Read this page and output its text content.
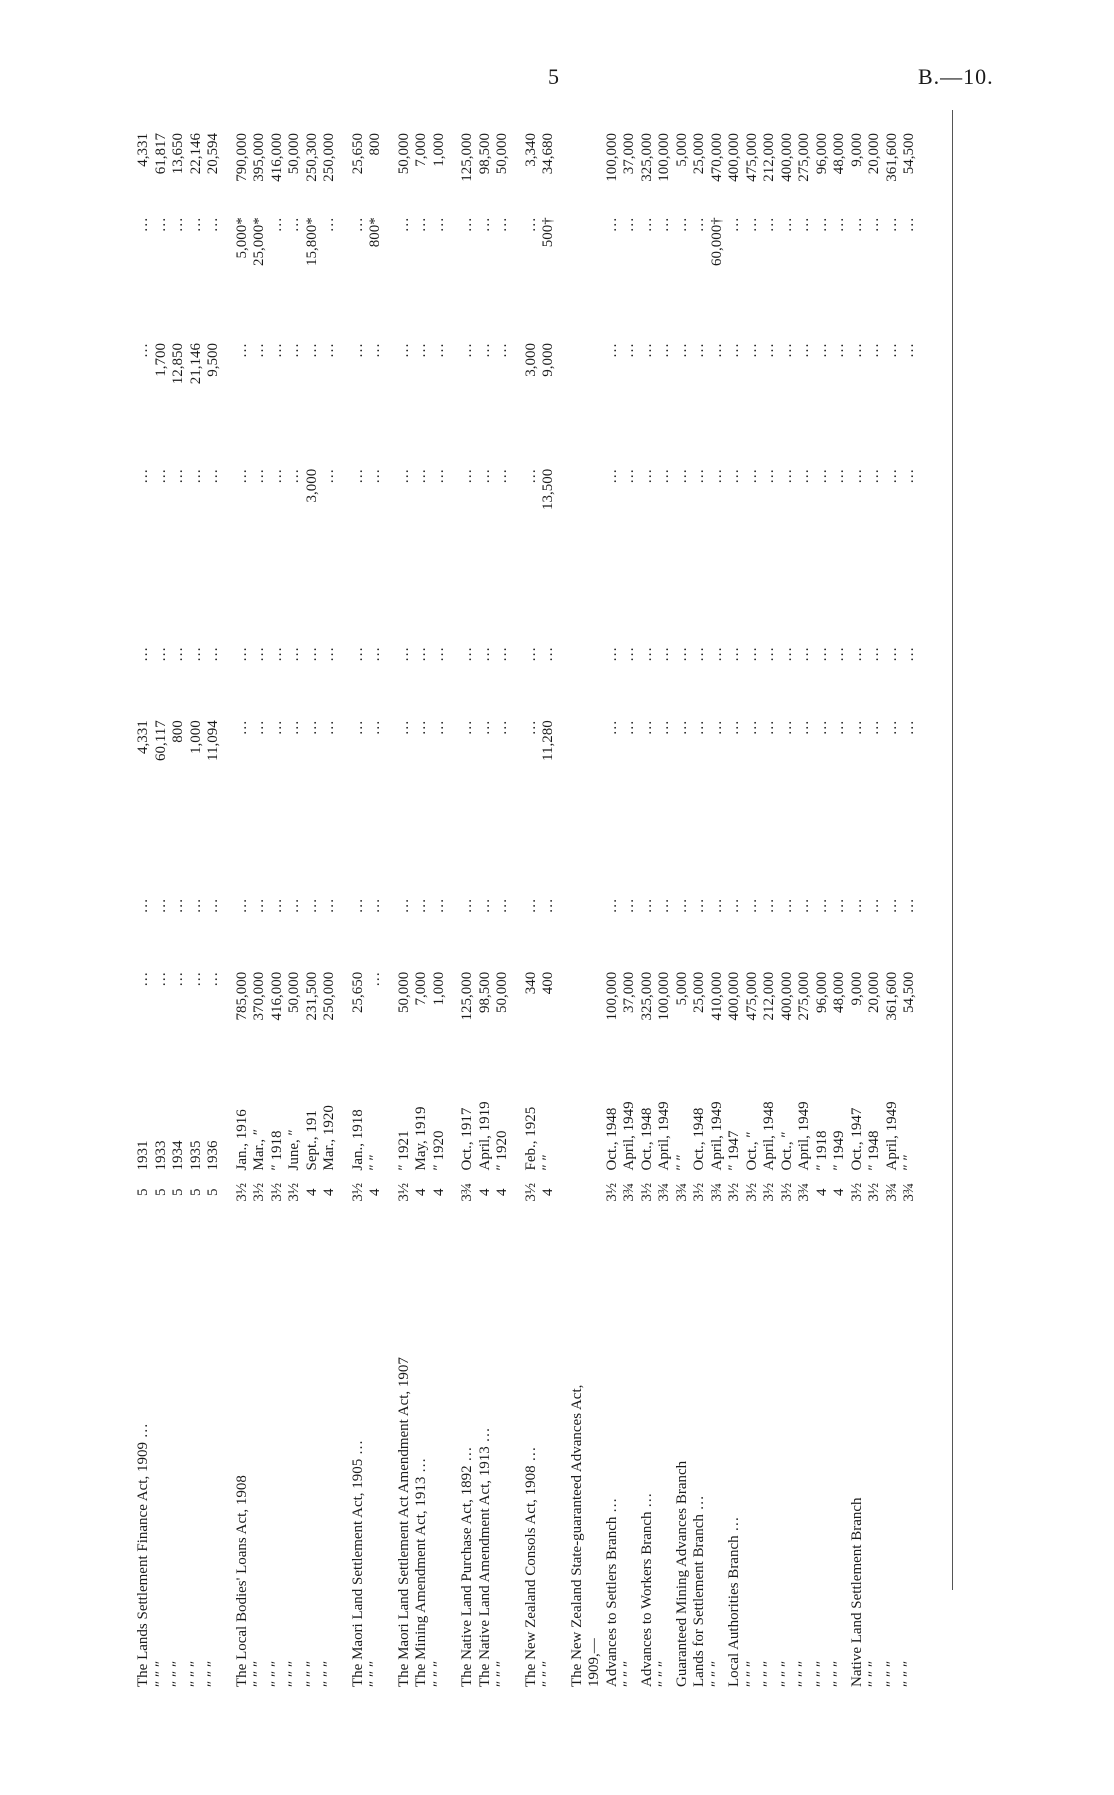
5	B.—10.
The Lands Settlement Finance Act, 1909 …	5	1931	…	…	4,331	…	…	…	…	4,331
″ ″ ″	5	1933	…	…	60,117	…	…	1,700	…	61,817
″ ″ ″	5	1934	…	…	800	…	…	12,850	…	13,650
″ ″ ″	5	1935	…	…	1,000	…	…	21,146	…	22,146
″ ″ ″	5	1936	…	…	11,094	…	…	9,500	…	20,594

The Local Bodies' Loans Act, 1908	3½	Jan., 1916	785,000	…	…	…	…	…	5,000*	790,000
″ ″ ″	3½	Mar., ″	370,000	…	…	…	…	…	25,000*	395,000
″ ″ ″	3½	″ 1918	416,000	…	…	…	…	…	…	416,000
″ ″ ″	3½	June, ″	50,000	…	…	…	…	…	…	50,000
″ ″ ″	4	Sept., 191	231,500	…	…	…	3,000	…	15,800*	250,300
″ ″ ″	4	Mar., 1920	250,000	…	…	…	…	…	…	250,000

The Maori Land Settlement Act, 1905 …	3½	Jan., 1918	25,650	…	…	…	…	…	…	25,650
″ ″ ″	4	″ ″	…	…	…	…	…	…	800*	800

The Maori Land Settlement Act Amendment Act, 1907	3½	″ 1921	50,000	…	…	…	…	…	…	50,000
The Mining Amendment Act, 1913 …	4	May, 1919	7,000	…	…	…	…	…	…	7,000
″ ″ ″	4	″ 1920	1,000	…	…	…	…	…	…	1,000

The Native Land Purchase Act, 1892 …	3¾	Oct., 1917	125,000	…	…	…	…	…	…	125,000
The Native Land Amendment Act, 1913 …	4	April, 1919	98,500	…	…	…	…	…	…	98,500
″ ″ ″	4	″ 1920	50,000	…	…	…	…	…	…	50,000

The New Zealand Consols Act, 1908 …	3½	Feb., 1925	340	…	…	…	…	3,000	…	3,340
″ ″ ″	4	″ ″	400	…	11,280	…	13,500	9,000	500†	34,680

The New Zealand State-guaranteed Advances Act,										
1909,—										
Advances to Settlers Branch …	3½	Oct., 1948	100,000	…	…	…	…	…	…	100,000
″ ″ ″	3¾	April, 1949	37,000	…	…	…	…	…	…	37,000
Advances to Workers Branch …	3½	Oct., 1948	325,000	…	…	…	…	…	…	325,000
″ ″ ″	3¾	April, 1949	100,000	…	…	…	…	…	…	100,000
Guaranteed Mining Advances Branch	3¾	″ ″	5,000	…	…	…	…	…	…	5,000
Lands for Settlement Branch …	3½	Oct., 1948	25,000	…	…	…	…	…	…	25,000
″ ″ ″	3¾	April, 1949	410,000	…	…	…	…	…	60,000†	470,000
Local Authorities Branch …	3½	″ 1947	400,000	…	…	…	…	…	…	400,000
″ ″ ″	3½	Oct., ″	475,000	…	…	…	…	…	…	475,000
″ ″ ″	3½	April, 1948	212,000	…	…	…	…	…	…	212,000
″ ″ ″	3½	Oct., ″	400,000	…	…	…	…	…	…	400,000
″ ″ ″	3¾	April, 1949	275,000	…	…	…	…	…	…	275,000
″ ″ ″	4	″ 1918	96,000	…	…	…	…	…	…	96,000
″ ″ ″	4	″ 1949	48,000	…	…	…	…	…	…	48,000
Native Land Settlement Branch	3½	Oct., 1947	9,000	…	…	…	…	…	…	9,000
″ ″ ″	3½	″ 1948	20,000	…	…	…	…	…	…	20,000
″ ″ ″	3¾	April, 1949	361,600	…	…	…	…	…	…	361,600
″ ″ ″	3¾	″ ″	54,500	…	…	…	…	…	…	54,500
